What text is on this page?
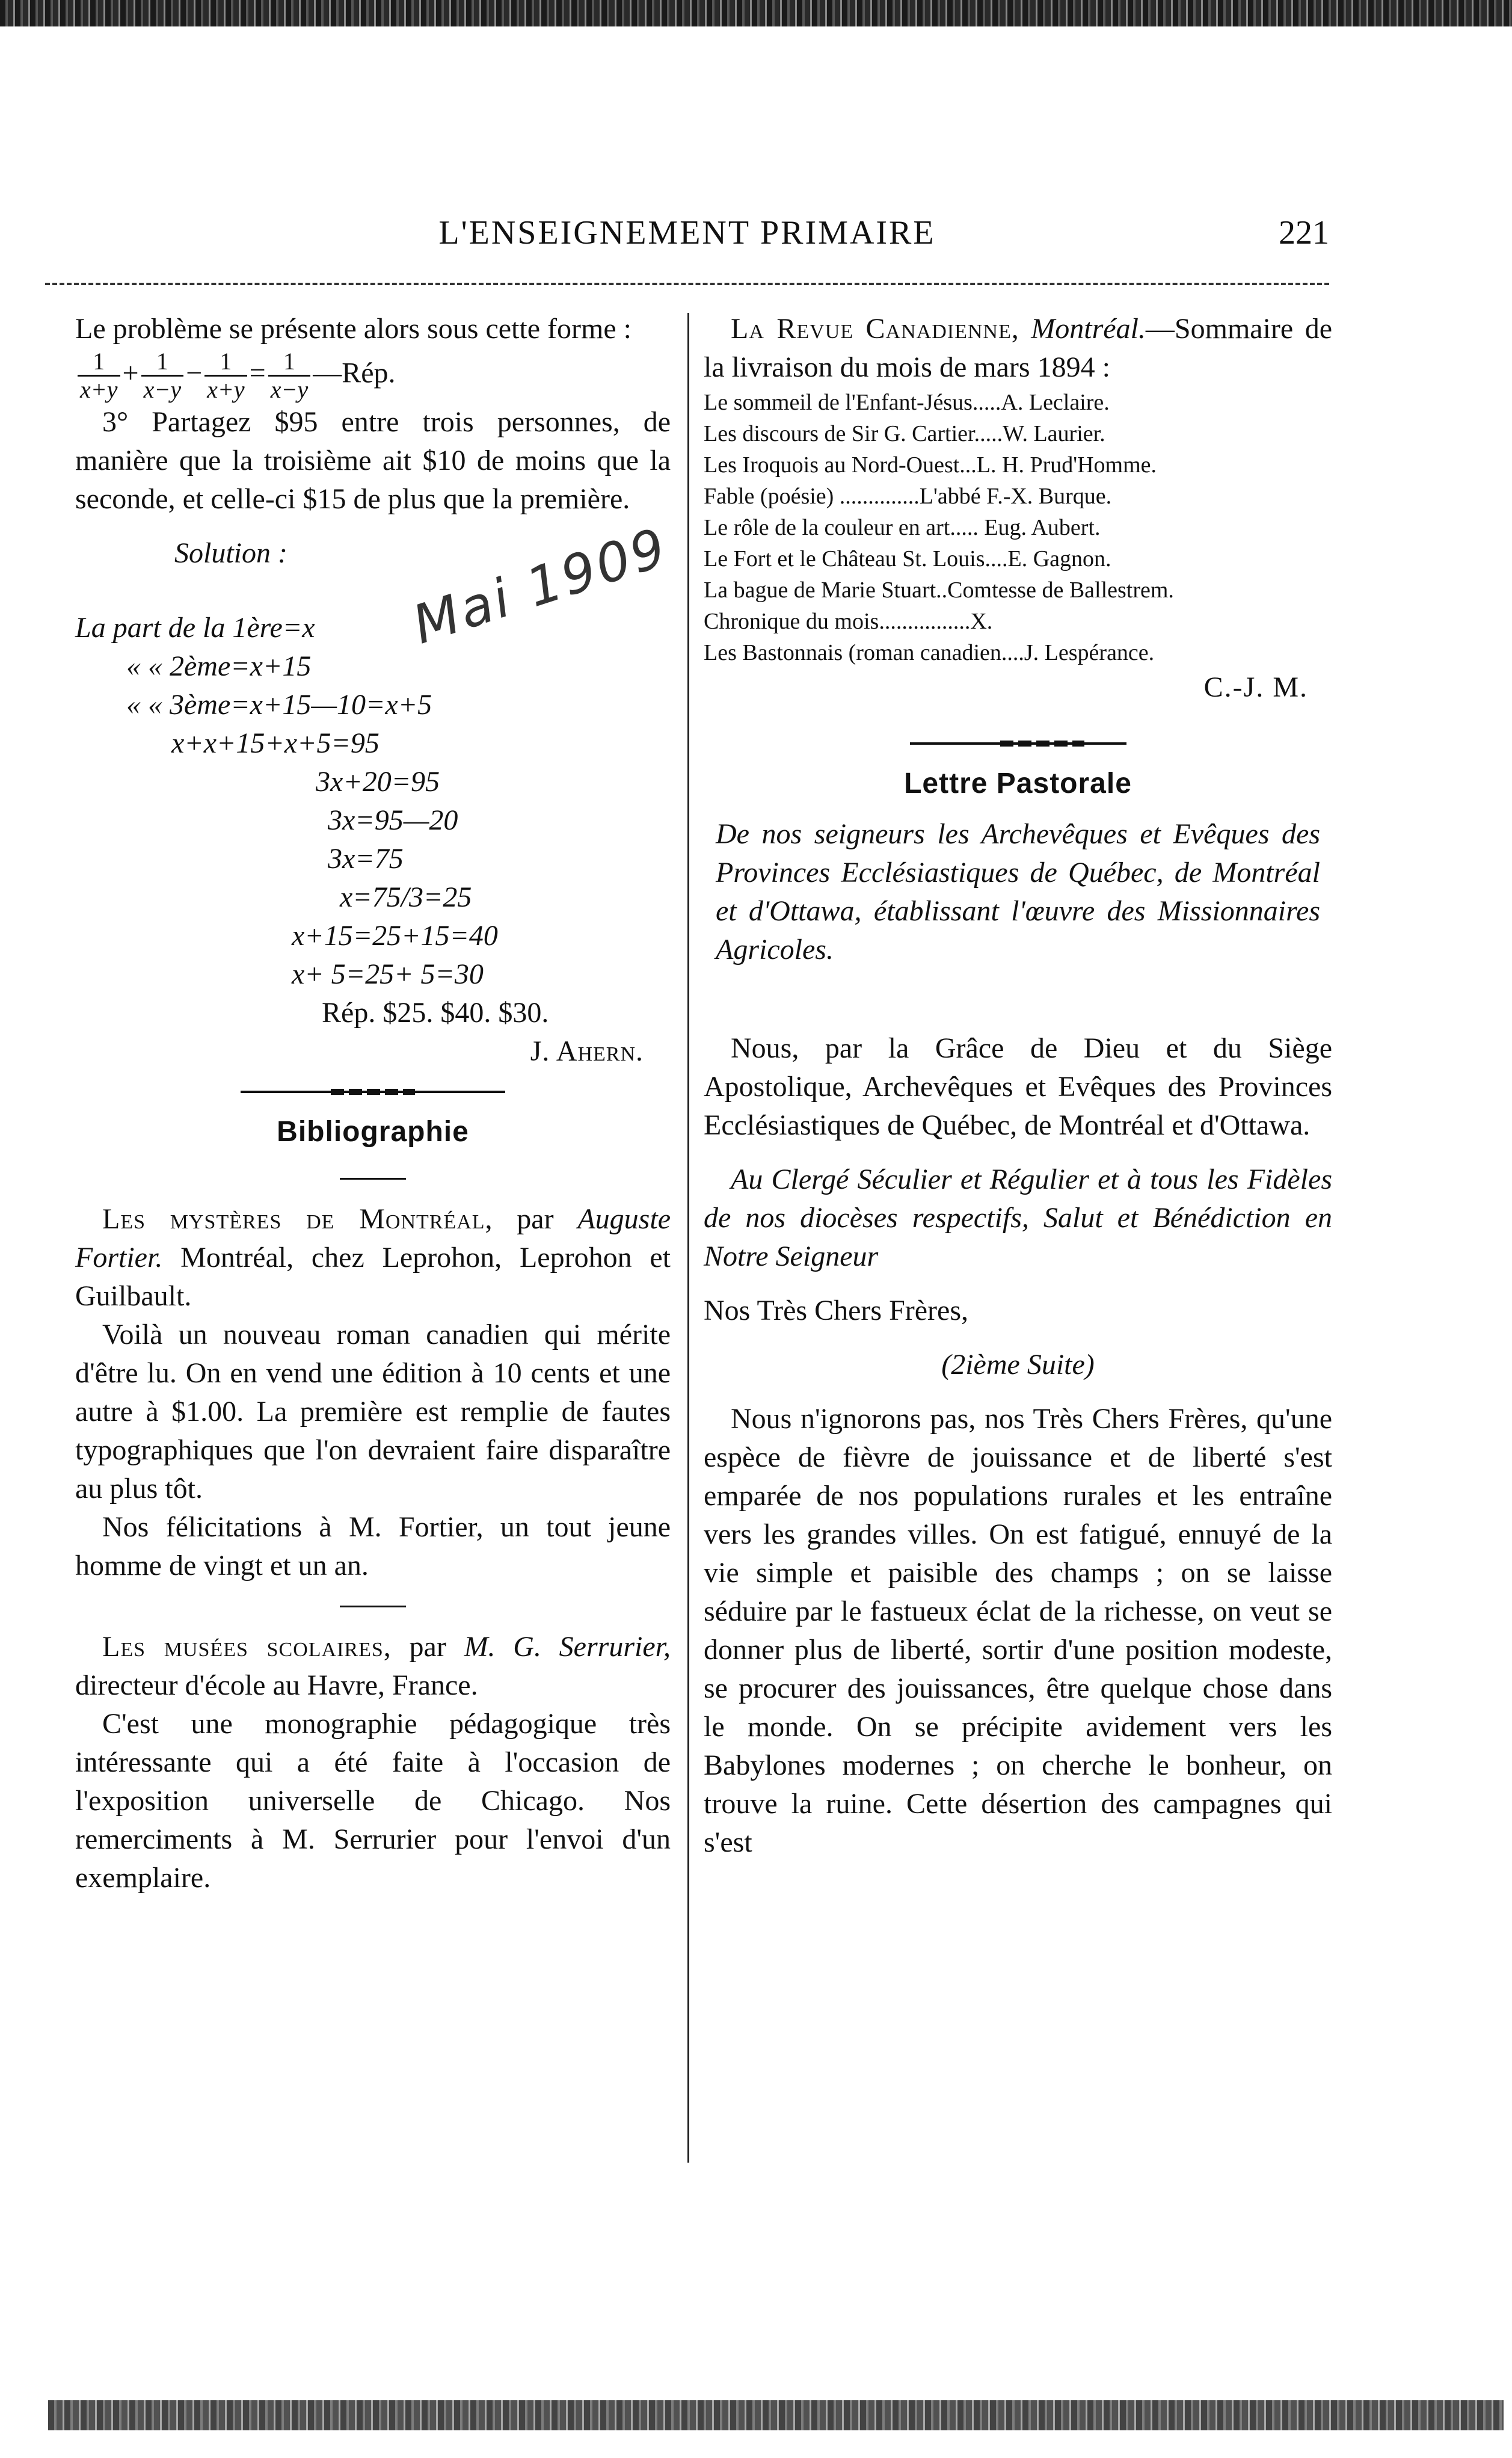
L'ENSEIGNEMENT PRIMAIRE	221

Le problème se présente alors sous cette forme :

$\frac{1}{x+y} + \frac{1}{x-y} - \frac{1}{x+y} = \frac{1}{x-y}$ —Rép.

3° Partagez $95 entre trois personnes, de manière que la troisième ait $10 de moins que la seconde, et celle-ci $15 de plus que la première.

Solution :

La part de la 1ère=x
« « 2ème=x+15
« « 3ème=x+15—10=x+5
x+x+15+x+5=95
3x+20=95
3x=95—20
3x=75
x=75/3=25
x+15=25+15=40
x+ 5=25+ 5=30

Rép. $25. $40. $30.

J. Ahern.

Bibliographie

Les mystères de Montréal, par Auguste Fortier. Montréal, chez Leprohon, Leprohon et Guilbault.

Voilà un nouveau roman canadien qui mérite d'être lu. On en vend une édition à 10 cents et une autre à $1.00. La première est remplie de fautes typographiques que l'on devraient faire disparaître au plus tôt.

Nos félicitations à M. Fortier, un tout jeune homme de vingt et un an.

Les musées scolaires, par M. G. Serrurier, directeur d'école au Havre, France.

C'est une monographie pédagogique très intéressante qui a été faite à l'occasion de l'exposition universelle de Chicago. Nos remerciments à M. Serrurier pour l'envoi d'un exemplaire.

Mai 1909

La Revue Canadienne, Montréal.—Sommaire de la livraison du mois de mars 1894 :

Le sommeil de l'Enfant-Jésus.....A. Leclaire.
Les discours de Sir G. Cartier.....W. Laurier.
Les Iroquois au Nord-Ouest...L. H. Prud'Homme.
Fable (poésie) ..............L'abbé F.-X. Burque.
Le rôle de la couleur en art..... Eug. Aubert.
Le Fort et le Château St. Louis....E. Gagnon.
La bague de Marie Stuart..Comtesse de Ballestrem.
Chronique du mois................X.
Les Bastonnais (roman canadien....J. Lespérance.

C.-J. M.

Lettre Pastorale

De nos seigneurs les Archevêques et Evêques des Provinces Ecclésiastiques de Québec, de Montréal et d'Ottawa, établissant l'œuvre des Missionnaires Agricoles.

Nous, par la Grâce de Dieu et du Siège Apostolique, Archevêques et Evêques des Provinces Ecclésiastiques de Québec, de Montréal et d'Ottawa.

Au Clergé Séculier et Régulier et à tous les Fidèles de nos diocèses respectifs, Salut et Bénédiction en Notre Seigneur

Nos Très Chers Frères,

(2ième Suite)

Nous n'ignorons pas, nos Très Chers Frères, qu'une espèce de fièvre de jouissance et de liberté s'est emparée de nos populations rurales et les entraîne vers les grandes villes. On est fatigué, ennuyé de la vie simple et paisible des champs ; on se laisse séduire par le fastueux éclat de la richesse, on veut se donner plus de liberté, sortir d'une position modeste, se procurer des jouissances, être quelque chose dans le monde. On se précipite avidement vers les Babylones modernes ; on cherche le bonheur, on trouve la ruine. Cette désertion des campagnes qui s'est
